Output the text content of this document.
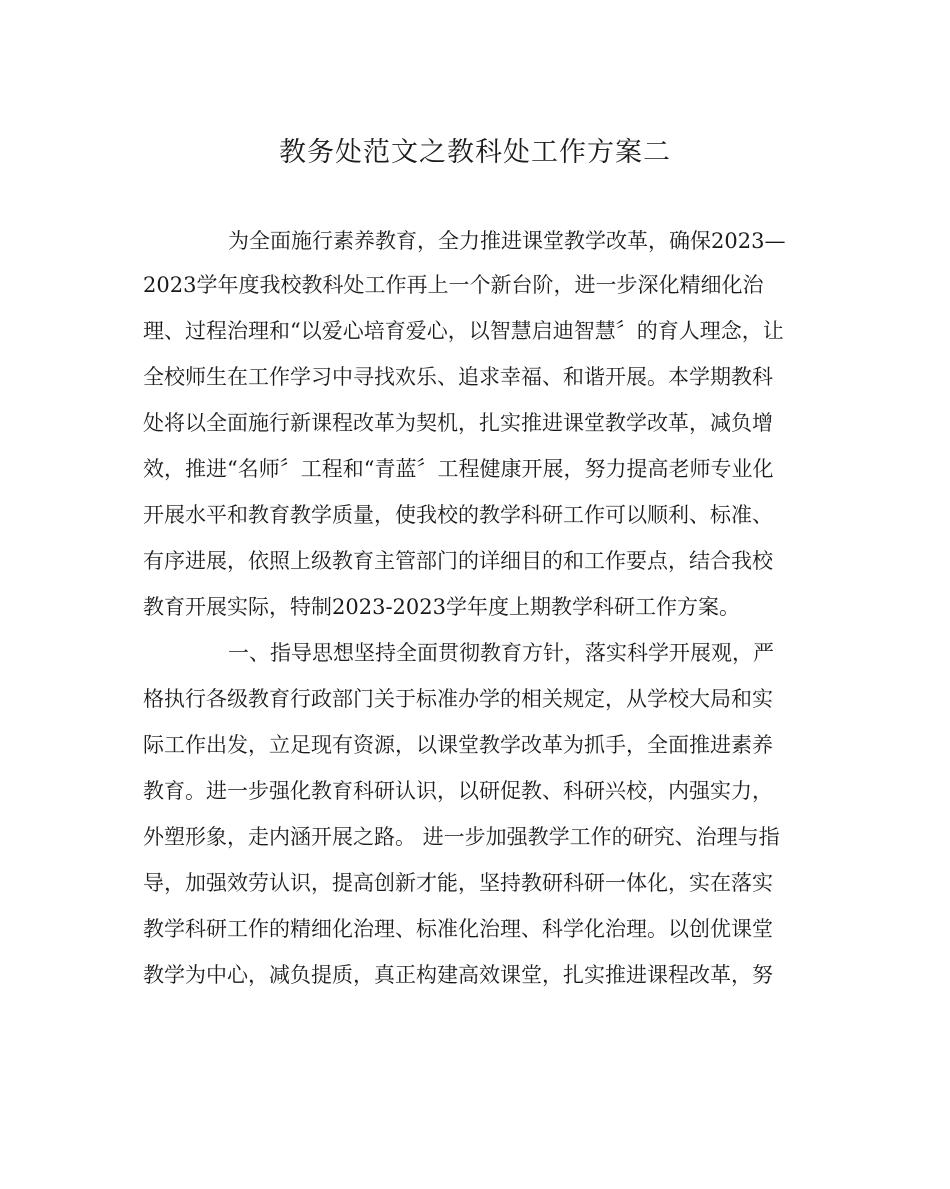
教务处范文之教科处工作方案二

为全面施行素养教育，全力推进课堂教学改革，确保2023—

2023学年度我校教科处工作再上一个新台阶，进一步深化精细化治

理、过程治理和“以爱心培育爱心，以智慧启迪智慧〞的育人理念，让

全校师生在工作学习中寻找欢乐、追求幸福、和谐开展。本学期教科

处将以全面施行新课程改革为契机，扎实推进课堂教学改革，减负增

效，推进“名师〞工程和“青蓝〞工程健康开展，努力提高老师专业化

开展水平和教育教学质量，使我校的教学科研工作可以顺利、标准、

有序进展，依照上级教育主管部门的详细目的和工作要点，结合我校

教育开展实际，特制2023-2023学年度上期教学科研工作方案。

一、指导思想坚持全面贯彻教育方针，落实科学开展观，严

格执行各级教育行政部门关于标准办学的相关规定，从学校大局和实

际工作出发，立足现有资源，以课堂教学改革为抓手，全面推进素养

教育。进一步强化教育科研认识，以研促教、科研兴校，内强实力，

外塑形象，走内涵开展之路。 进一步加强教学工作的研究、治理与指

导，加强效劳认识，提高创新才能，坚持教研科研一体化，实在落实

教学科研工作的精细化治理、标准化治理、科学化治理。以创优课堂

教学为中心，减负提质，真正构建高效课堂，扎实推进课程改革，努
